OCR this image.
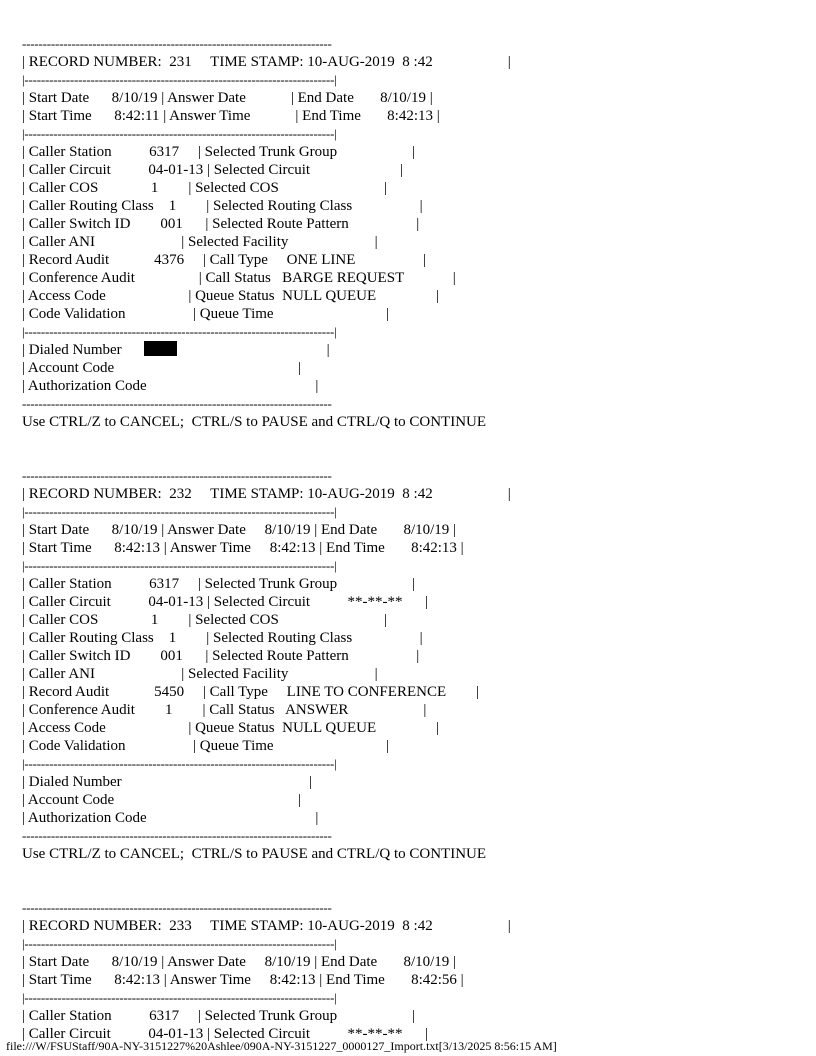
---------------------------------------------------------------------------
| RECORD NUMBER:  231     TIME STAMP: 10-AUG-2019  8 :42                    |
|---------------------------------------------------------------------------|
| Start Date      8/10/19 | Answer Date            | End Date       8/10/19 |
| Start Time      8:42:11 | Answer Time            | End Time       8:42:13 |
|---------------------------------------------------------------------------|
| Caller Station          6317     | Selected Trunk Group                    |
| Caller Circuit          04-01-13 | Selected Circuit                        |
| Caller COS              1        | Selected COS                            |
| Caller Routing Class    1        | Selected Routing Class                  |
| Caller Switch ID        001      | Selected Route Pattern                  |
| Caller ANI                       | Selected Facility                       |
| Record Audit            4376     | Call Type     ONE LINE                  |
| Conference Audit                 | Call Status   BARGE REQUEST             |
| Access Code                      | Queue Status  NULL QUEUE                |
| Code Validation                  | Queue Time                              |
|---------------------------------------------------------------------------|
| Dialed Number	|
| Account Code                                                 |
| Authorization Code                                             |
---------------------------------------------------------------------------
Use CTRL/Z to CANCEL;  CTRL/S to PAUSE and CTRL/Q to CONTINUE
---------------------------------------------------------------------------
| RECORD NUMBER:  232     TIME STAMP: 10-AUG-2019  8 :42                    |
|---------------------------------------------------------------------------|
| Start Date      8/10/19 | Answer Date     8/10/19 | End Date       8/10/19 |
| Start Time      8:42:13 | Answer Time     8:42:13 | End Time       8:42:13 |
|---------------------------------------------------------------------------|
| Caller Station          6317     | Selected Trunk Group                    |
| Caller Circuit          04-01-13 | Selected Circuit          **-**-**      |
| Caller COS              1        | Selected COS                            |
| Caller Routing Class    1        | Selected Routing Class                  |
| Caller Switch ID        001      | Selected Route Pattern                  |
| Caller ANI                       | Selected Facility                       |
| Record Audit            5450     | Call Type     LINE TO CONFERENCE        |
| Conference Audit        1        | Call Status   ANSWER                    |
| Access Code                      | Queue Status  NULL QUEUE                |
| Code Validation                  | Queue Time                              |
|---------------------------------------------------------------------------|
| Dialed Number                                                  |
| Account Code                                                 |
| Authorization Code                                             |
---------------------------------------------------------------------------
Use CTRL/Z to CANCEL;  CTRL/S to PAUSE and CTRL/Q to CONTINUE
---------------------------------------------------------------------------
| RECORD NUMBER:  233     TIME STAMP: 10-AUG-2019  8 :42                    |
|---------------------------------------------------------------------------|
| Start Date      8/10/19 | Answer Date     8/10/19 | End Date       8/10/19 |
| Start Time      8:42:13 | Answer Time     8:42:13 | End Time       8:42:56 |
|---------------------------------------------------------------------------|
| Caller Station          6317     | Selected Trunk Group                    |
| Caller Circuit          04-01-13 | Selected Circuit          **-**-**      |
file:///W/FSUStaff/90A-NY-3151227%20Ashlee/090A-NY-3151227_0000127_Import.txt[3/13/2025 8:56:15 AM]
